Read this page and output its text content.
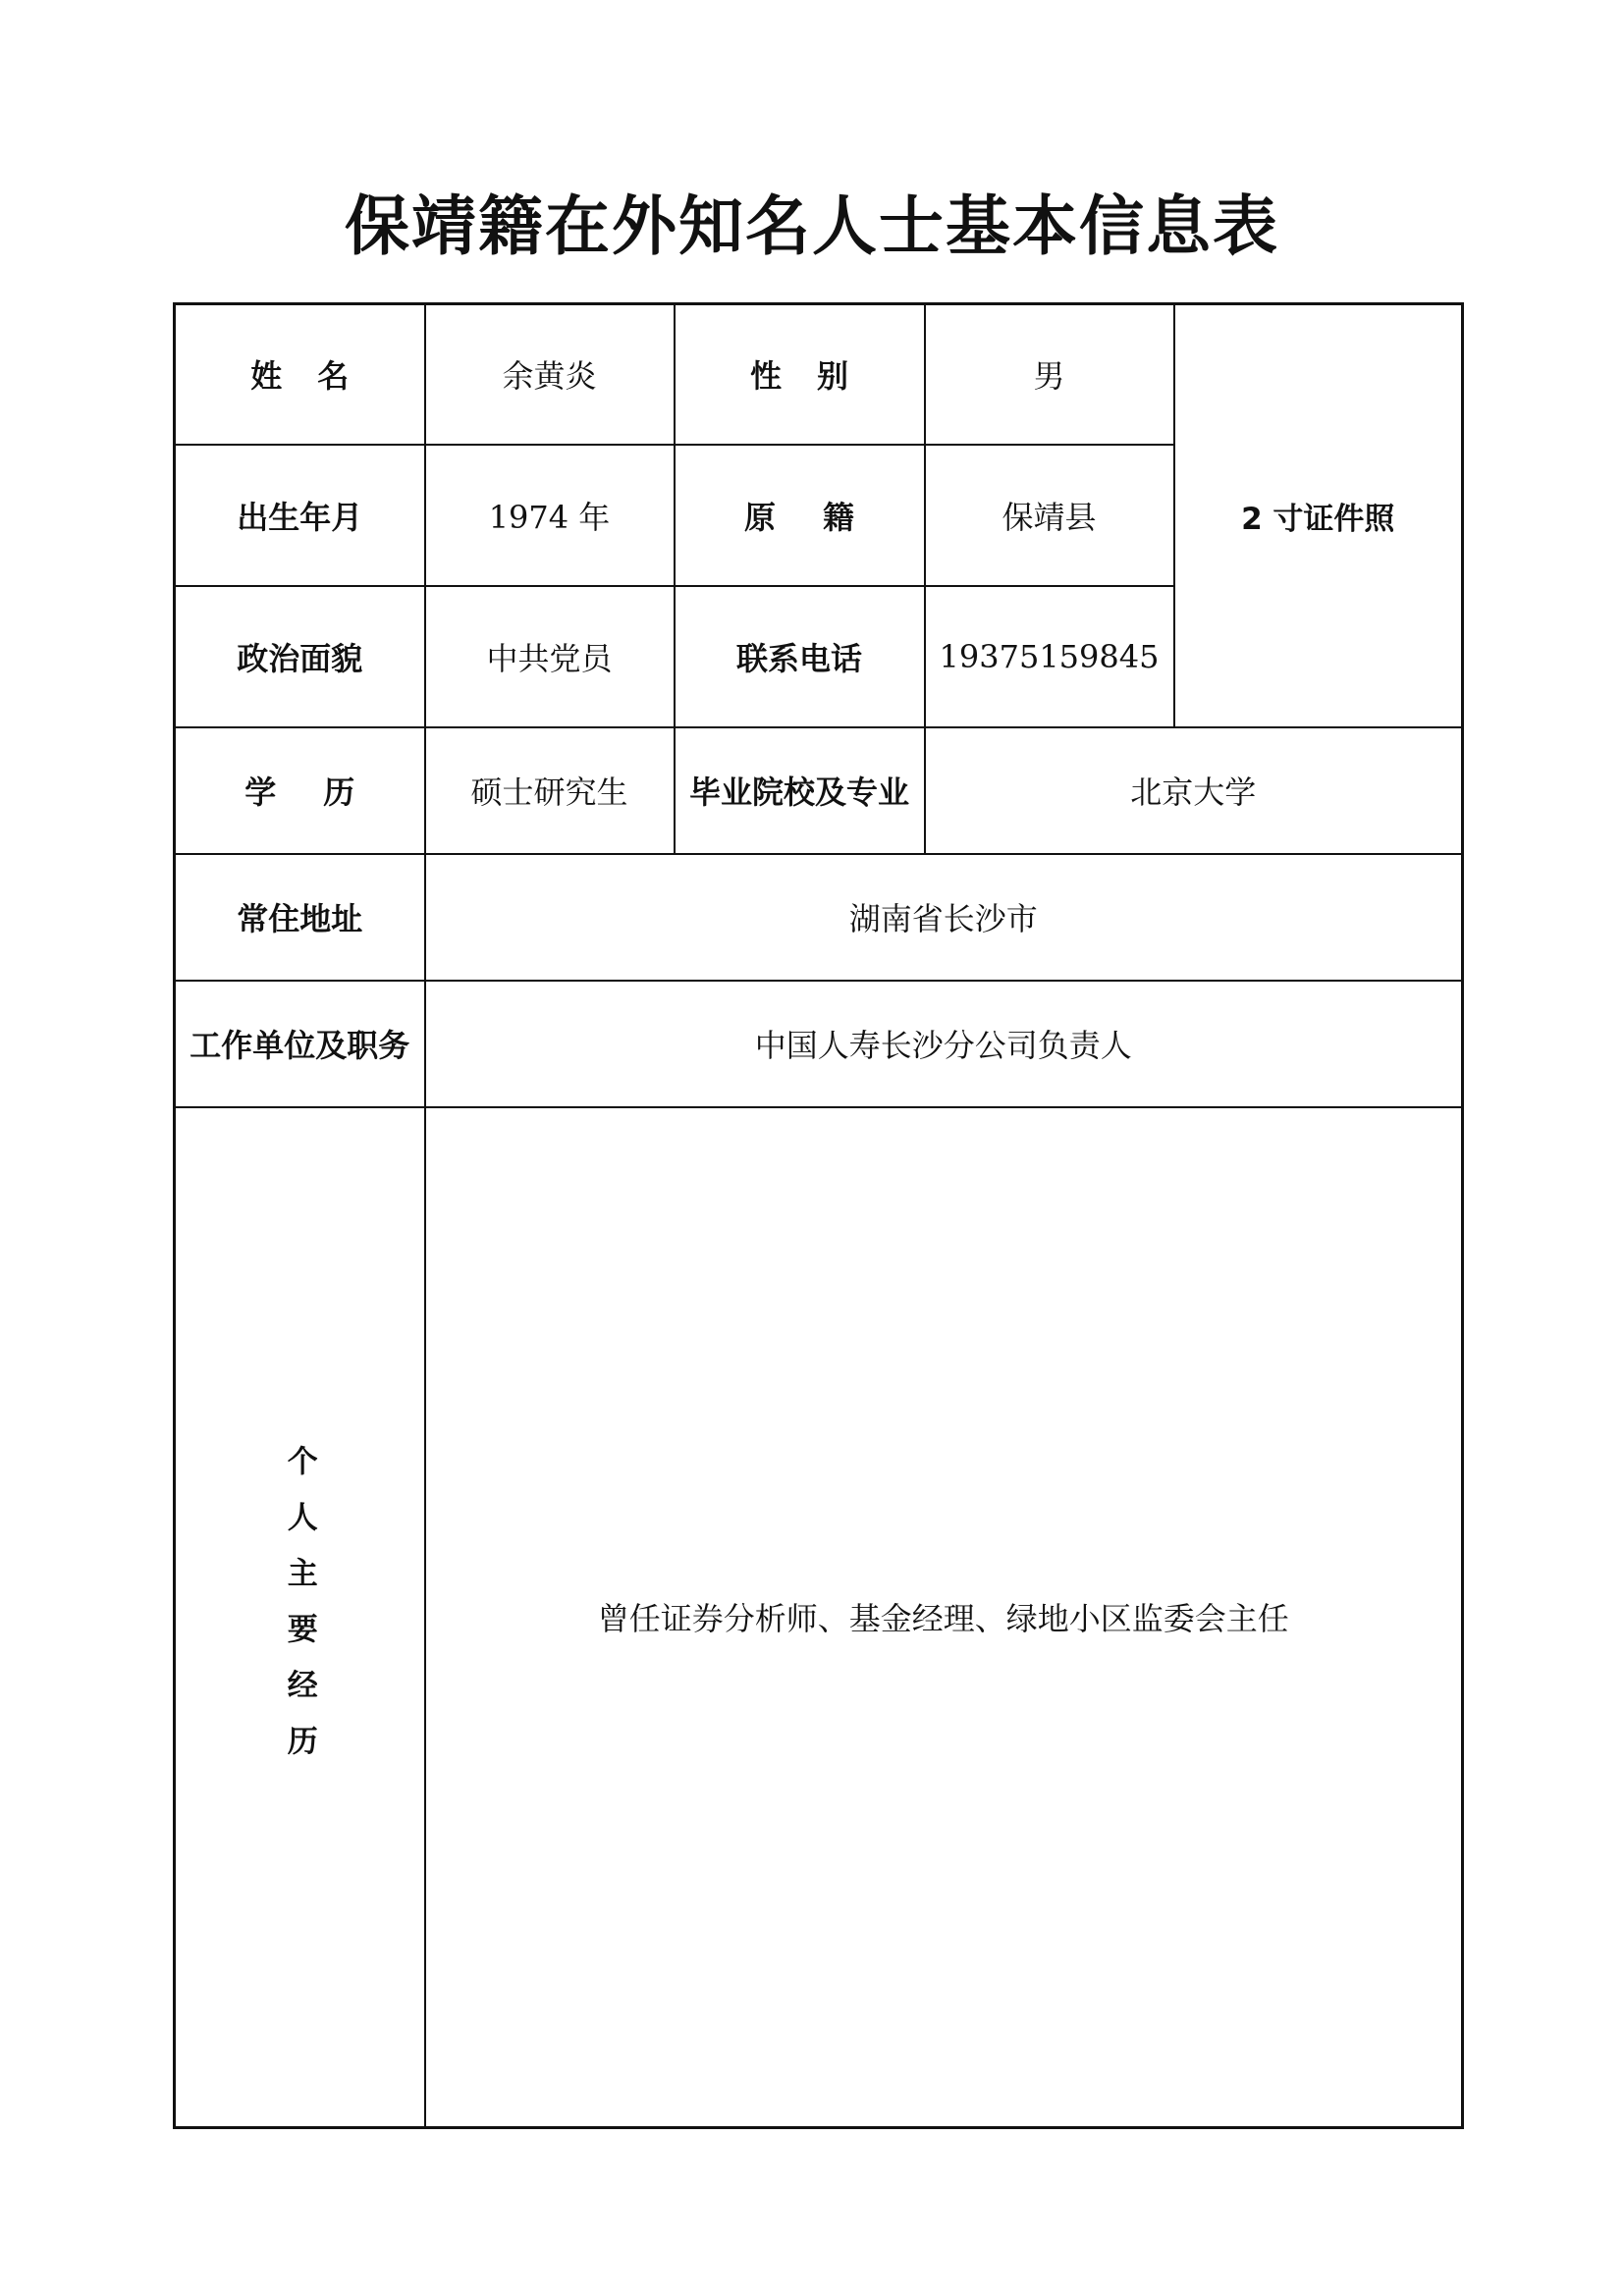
保靖籍在外知名人士基本信息表
姓名	余黄炎	性别	男	2 寸证件照
出生年月	1974 年	原籍	保靖县	
政治面貌	中共党员	联系电话	19375159845	
学历	硕士研究生	毕业院校及专业	北京大学	
常住地址	湖南省长沙市			
工作单位及职务	中国人寿长沙分公司负责人			
个人主要经历	曾任证券分析师、基金经理、绿地小区监委会主任			
